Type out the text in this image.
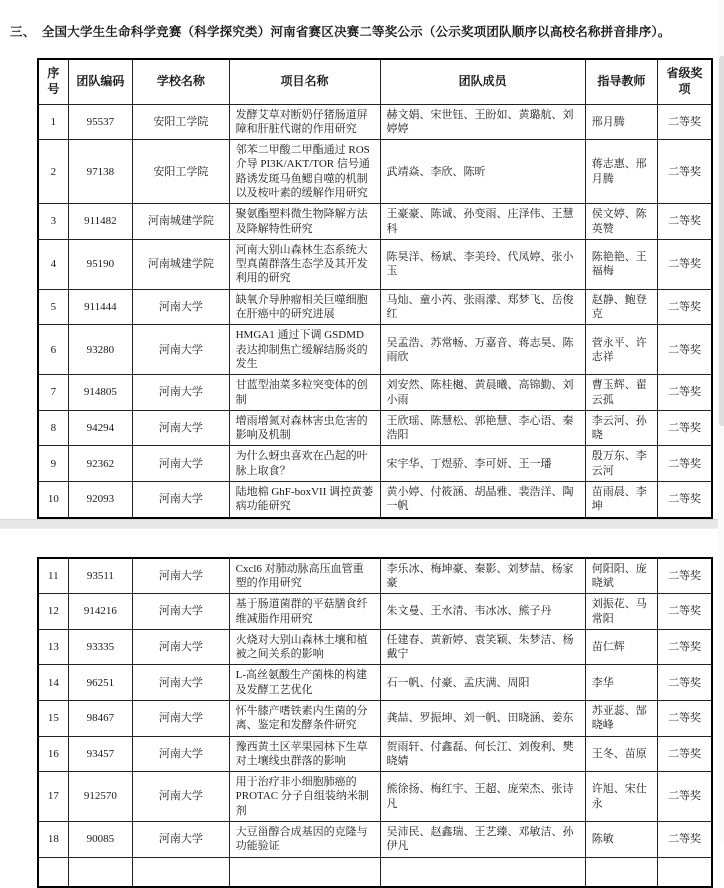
三、　全国大学生生命科学竞赛（科学探究类）河南省赛区决赛二等奖公示（公示奖项团队顺序以高校名称拼音排序）。
序号	团队编码	学校名称	项目名称	团队成员	指导教师	省级奖项
1	95537	安阳工学院	发酵艾草对断奶仔猪肠道屏障和肝脏代谢的作用研究	赫文娟、宋世钰、王盼如、黄璐航、刘婷婷	邢月腾	二等奖
2	97138	安阳工学院	邻苯二甲酸二甲酯通过 ROS 介导 PI3K/AKT/TOR 信号通路诱发斑马鱼鳃自噬的机制以及桉叶素的缓解作用研究	武靖焱、李欣、陈昕	蒋志惠、邢月腾	二等奖
3	911482	河南城建学院	聚氨酯塑料微生物降解方法及降解特性研究	王豪豪、陈诚、孙变雨、庄泽伟、王慧科	侯文婷、陈英赞	二等奖
4	95190	河南城建学院	河南大别山森林生态系统大型真菌群落生态学及其开发利用的研究	陈昊洋、杨斌、李美玲、代凤婷、张小玉	陈艳艳、王福梅	二等奖
5	911444	河南大学	缺氧介导肿瘤相关巨噬细胞在肝癌中的研究进展	马灿、童小芮、张雨濛、郑梦飞、岳俊红	赵静、鲍登克	二等奖
6	93280	河南大学	HMGA1 通过下调 GSDMD 表达抑制焦亡缓解结肠炎的发生	吴孟浩、苏常畅、万嘉音、蒋志昊、陈雨欣	菅永平、许志祥	二等奖
7	914805	河南大学	甘蓝型油菜多粒突变体的创制	刘安然、陈桂樾、黄晨曦、高锦勤、刘小雨	曹玉辉、翟云孤	二等奖
8	94294	河南大学	增雨增氮对森林害虫危害的影响及机制	王欣瑶、陈慧松、郭艳慧、李心语、秦浩阳	李云河、孙晓	二等奖
9	92362	河南大学	为什么蚜虫喜欢在凸起的叶脉上取食？	宋宇华、丁煜骄、李可妍、王一璠	殷万东、李云河	二等奖
10	92093	河南大学	陆地棉 GhF-boxVII 调控黄萎病功能研究	黄小婷、付筱涵、胡晶雅、裴浩洋、陶一帆	苗雨晨、李坤	二等奖
11	93511	河南大学	Cxcl6 对肺动脉高压血管重塑的作用研究	李乐冰、梅坤豪、秦影、刘梦喆、杨家豪	何阳阳、庞晓斌	二等奖
12	914216	河南大学	基于肠道菌群的平菇膳食纤维减脂作用研究	朱文曼、王水清、韦冰冰、熊子丹	刘振花、马常阳	二等奖
13	93335	河南大学	火烧对大别山森林土壤和植被之间关系的影响	任建春、黄新婷、袁笑颖、朱梦洁、杨戴宁	苗仁辉	二等奖
14	96251	河南大学	L-高丝氨酸生产菌株的构建及发酵工艺优化	石一帆、付豪、孟庆满、周阳	李华	二等奖
15	98467	河南大学	怀牛膝产嗜铁素内生菌的分离、鉴定和发酵条件研究	龚喆、罗振坤、刘一帆、田晓涵、姜东	苏亚蕊、郜晓峰	二等奖
16	93457	河南大学	豫西黄土区苹果园林下生草对土壤线虫群落的影响	贺雨轩、付鑫磊、何长江、刘俊利、樊晓婧	王冬、苗原	二等奖
17	912570	河南大学	用于治疗非小细胞肺癌的 PROTAC 分子自组装纳米制剂	熊徐扬、梅红宇、王超、庞荣杰、张诗凡	许旭、宋仕永	二等奖
18	90085	河南大学	大豆甾醇合成基因的克隆与功能验证	吴沛民、赵鑫瑞、王艺臻、邓敏洁、孙伊凡	陈敏	二等奖
